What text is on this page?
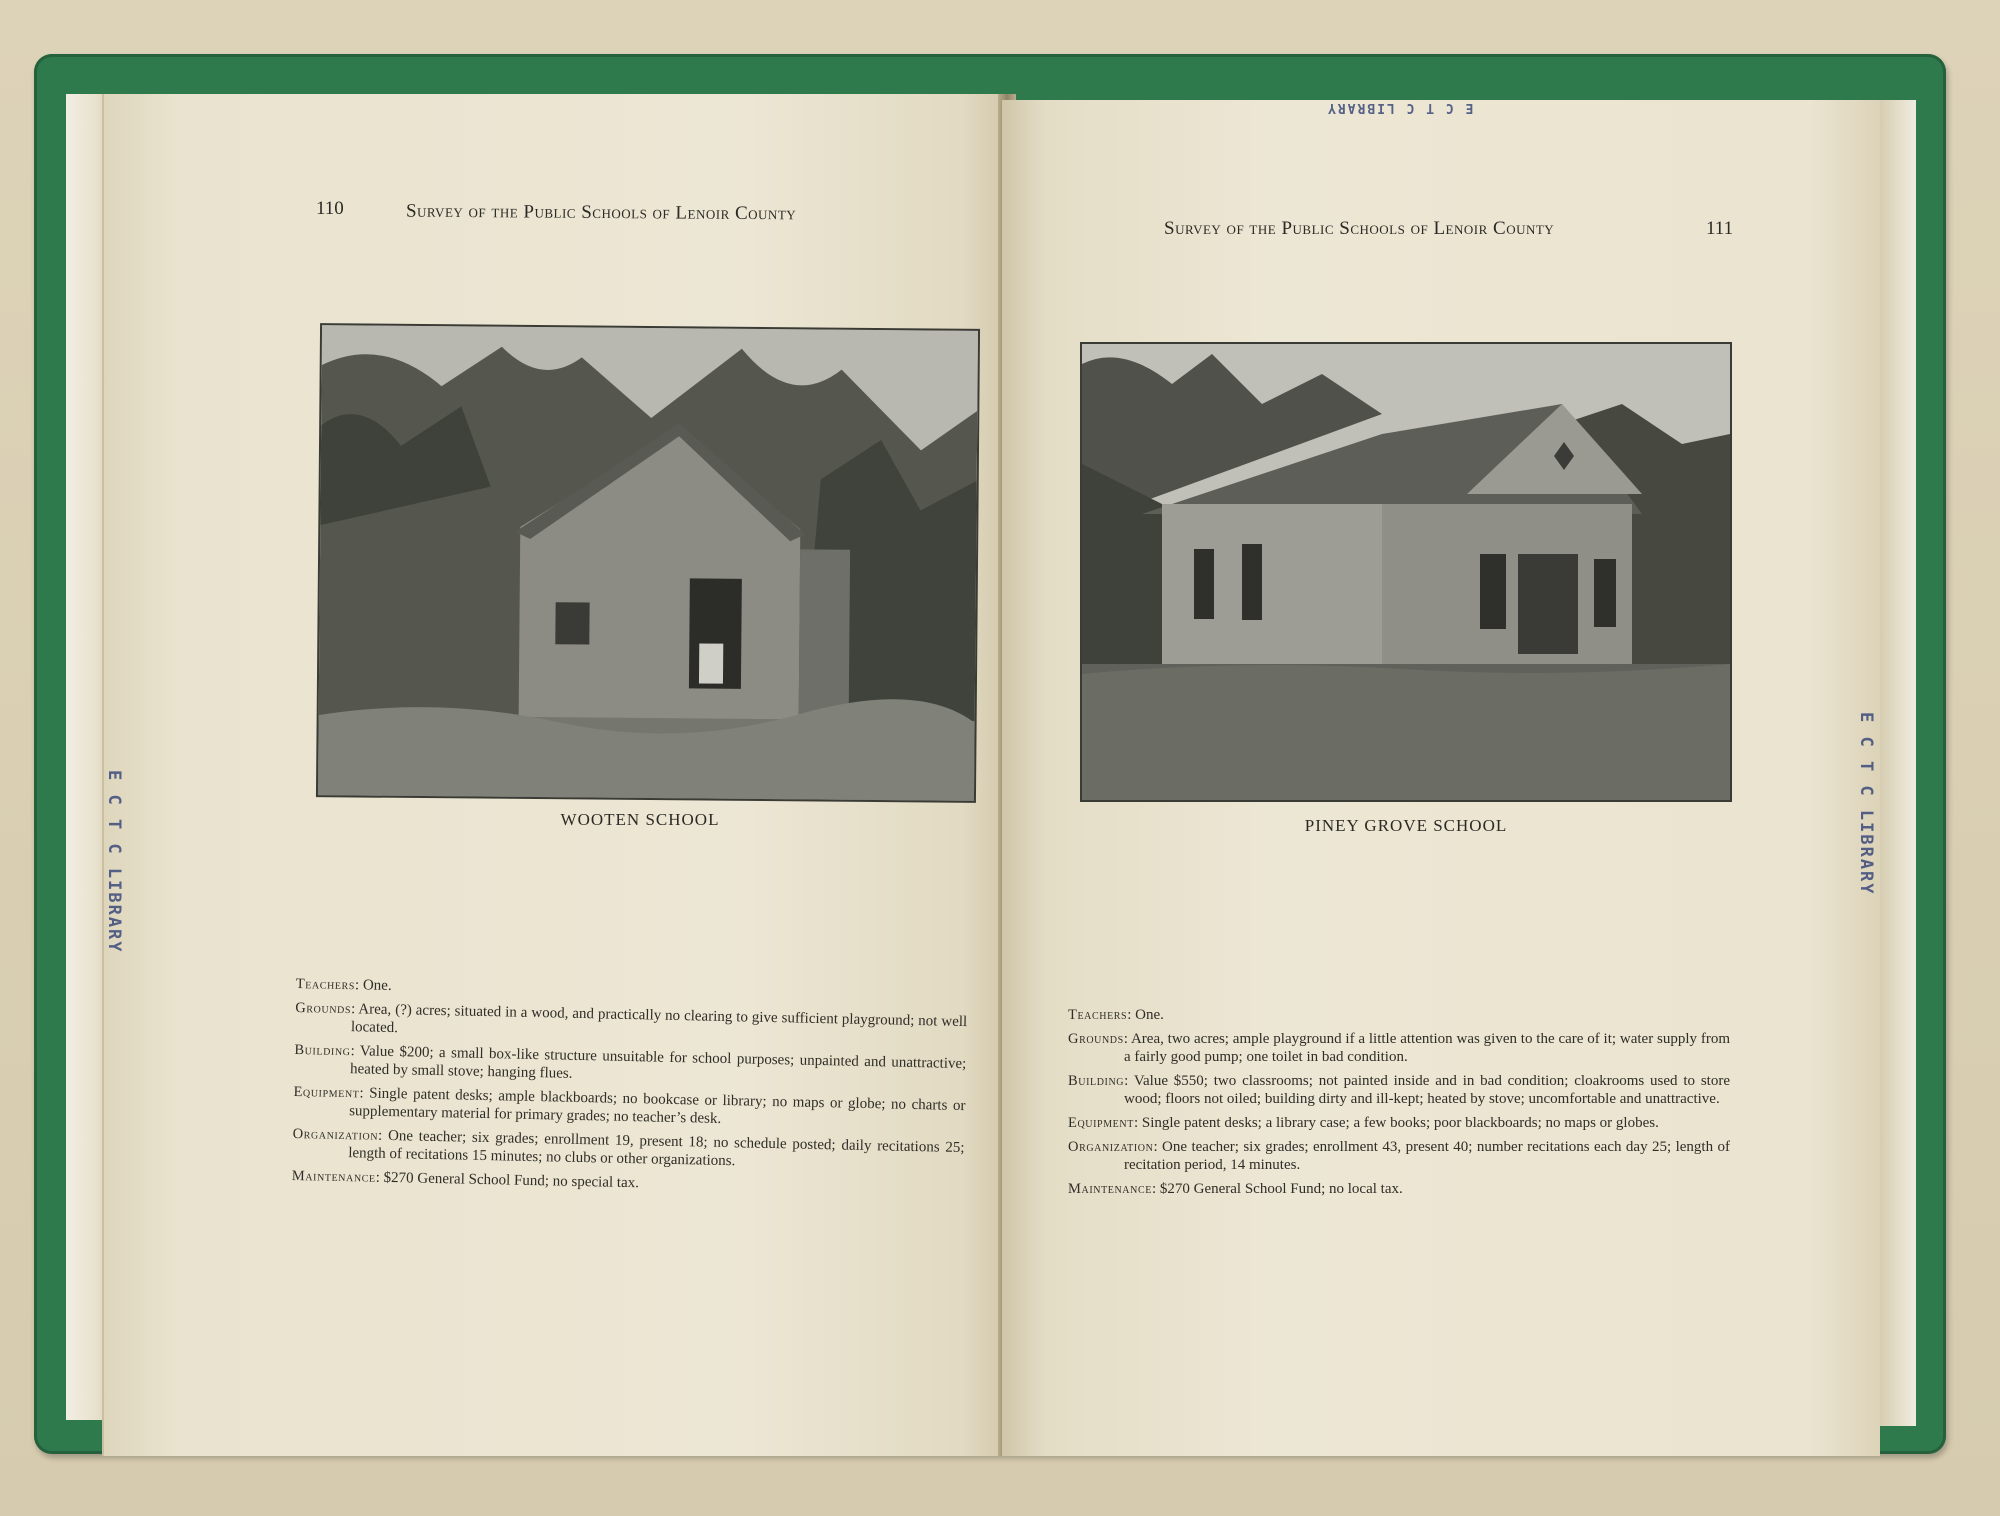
110	Survey of the Public Schools of Lenoir County
WOOTEN SCHOOL

Teachers: One.

Grounds: Area, (?) acres; situated in a wood, and practically no clearing to give sufficient playground; not well located.

Building: Value $200; a small box-like structure unsuitable for school purposes; unpainted and unattractive; heated by small stove; hanging flues.

Equipment: Single patent desks; ample blackboards; no bookcase or library; no maps or globe; no charts or supplementary material for primary grades; no teacher’s desk.

Organization: One teacher; six grades; enrollment 19, present 18; no schedule posted; daily recitations 25; length of recitations 15 minutes; no clubs or other organizations.

Maintenance: $270 General School Fund; no special tax.

E C T C LIBRARY
Survey of the Public Schools of Lenoir County	111
E C T C LIBRARY
PINEY GROVE SCHOOL

Teachers: One.

Grounds: Area, two acres; ample playground if a little attention was given to the care of it; water supply from a fairly good pump; one toilet in bad condition.

Building: Value $550; two classrooms; not painted inside and in bad condition; cloakrooms used to store wood; floors not oiled; building dirty and ill-kept; heated by stove; uncomfortable and unattractive.

Equipment: Single patent desks; a library case; a few books; poor blackboards; no maps or globes.

Organization: One teacher; six grades; enrollment 43, present 40; number recitations each day 25; length of recitation period, 14 minutes.

Maintenance: $270 General School Fund; no local tax.

E C T C LIBRARY
